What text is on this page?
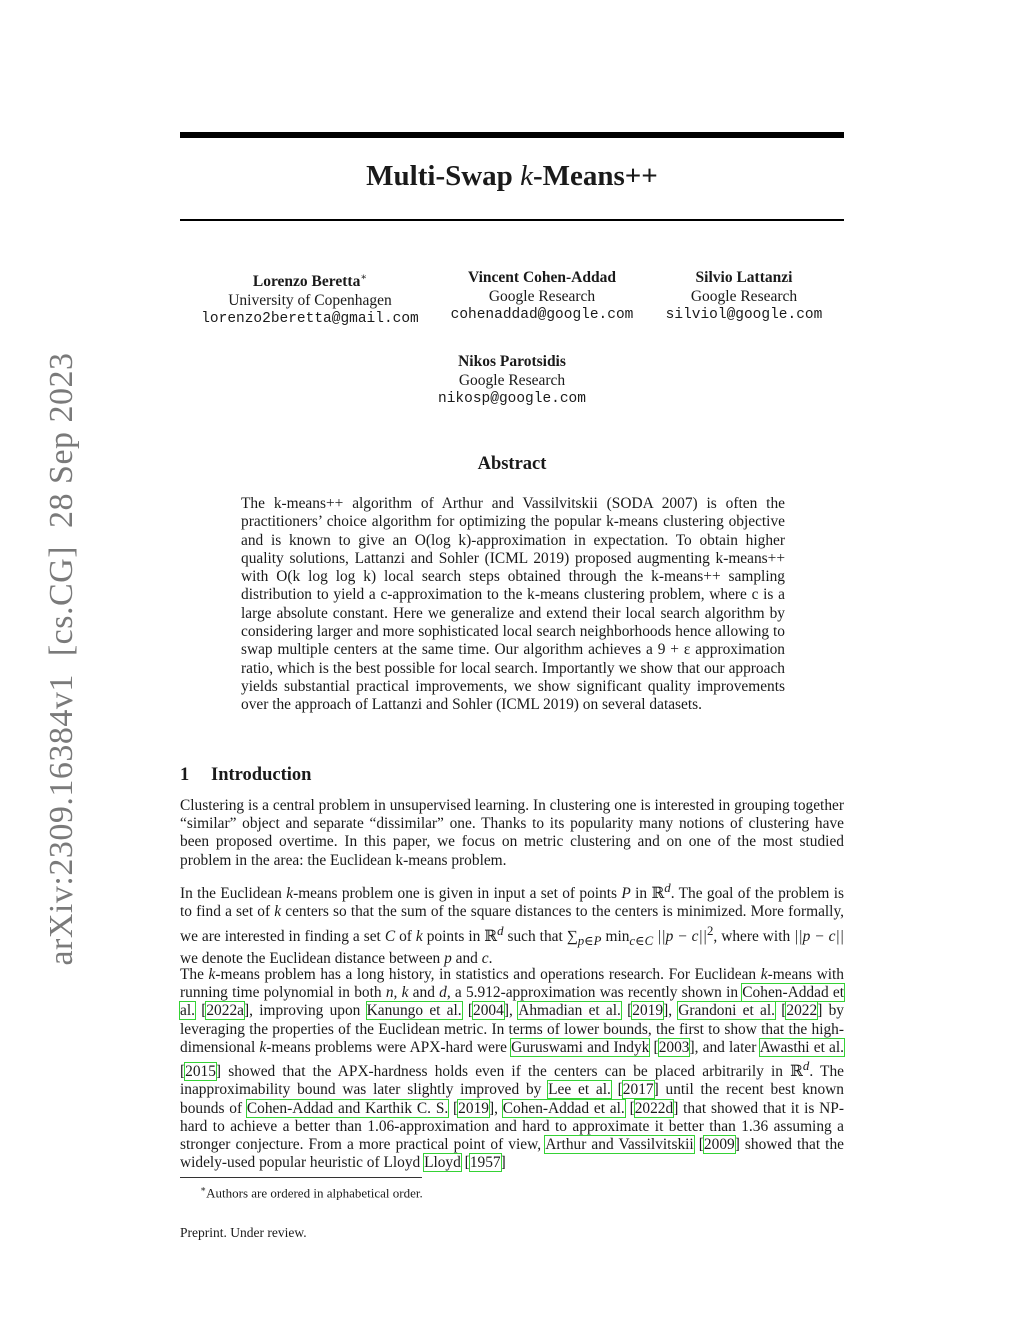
arXiv:2309.16384v1[cs.CG]28 Sep 2023
Multi-Swap k-Means++
Lorenzo Beretta∗
University of Copenhagen
lorenzo2beretta@gmail.com
Vincent Cohen-Addad
Google Research
cohenaddad@google.com
Silvio Lattanzi
Google Research
silviol@google.com
Nikos Parotsidis
Google Research
nikosp@google.com
Abstract

The k-means++ algorithm of Arthur and Vassilvitskii (SODA 2007) is often the practitioners’ choice algorithm for optimizing the popular k-means clustering objective and is known to give an O(log k)-approximation in expectation. To obtain higher quality solutions, Lattanzi and Sohler (ICML 2019) proposed augmenting k-means++ with O(k log log k) local search steps obtained through the k-means++ sampling distribution to yield a c-approximation to the k-means clustering problem, where c is a large absolute constant. Here we generalize and extend their local search algorithm by considering larger and more sophisticated local search neighborhoods hence allowing to swap multiple centers at the same time. Our algorithm achieves a 9 + ε approximation ratio, which is the best possible for local search. Importantly we show that our approach yields substantial practical improvements, we show significant quality improvements over the approach of Lattanzi and Sohler (ICML 2019) on several datasets.

1 Introduction

Clustering is a central problem in unsupervised learning. In clustering one is interested in grouping together “similar” object and separate “dissimilar” one. Thanks to its popularity many notions of clustering have been proposed overtime. In this paper, we focus on metric clustering and on one of the most studied problem in the area: the Euclidean k-means problem.

In the Euclidean k-means problem one is given in input a set of points P in ℝ$^d$. The goal of the problem is to find a set of k centers so that the sum of the square distances to the centers is minimized. More formally, we are interested in finding a set C of k points in ℝ$^d$ such that $\sum_{p\in P}$ $\min_{c\in C} ||p - c||^2$, where with ||p − c|| we denote the Euclidean distance between p and c.

The k-means problem has a long history, in statistics and operations research. For Euclidean k-means with running time polynomial in both n, k and d, a 5.912-approximation was recently shown in Cohen-Addad et al. [2022a], improving upon Kanungo et al. [2004], Ahmadian et al. [2019], Grandoni et al. [2022] by leveraging the properties of the Euclidean metric. In terms of lower bounds, the first to show that the high-dimensional k-means problems were APX-hard were Guruswami and Indyk [2003], and later Awasthi et al. [2015] showed that the APX-hardness holds even if the centers can be placed arbitrarily in ℝ$^d$. The inapproximability bound was later slightly improved by Lee et al. [2017] until the recent best known bounds of Cohen-Addad and Karthik C. S. [2019], Cohen-Addad et al. [2022d] that showed that it is NP-hard to achieve a better than 1.06-approximation and hard to approximate it better than 1.36 assuming a stronger conjecture. From a more practical point of view, Arthur and Vassilvitskii [2009] showed that the widely-used popular heuristic of Lloyd Lloyd [1957]

∗Authors are ordered in alphabetical order.

Preprint. Under review.
